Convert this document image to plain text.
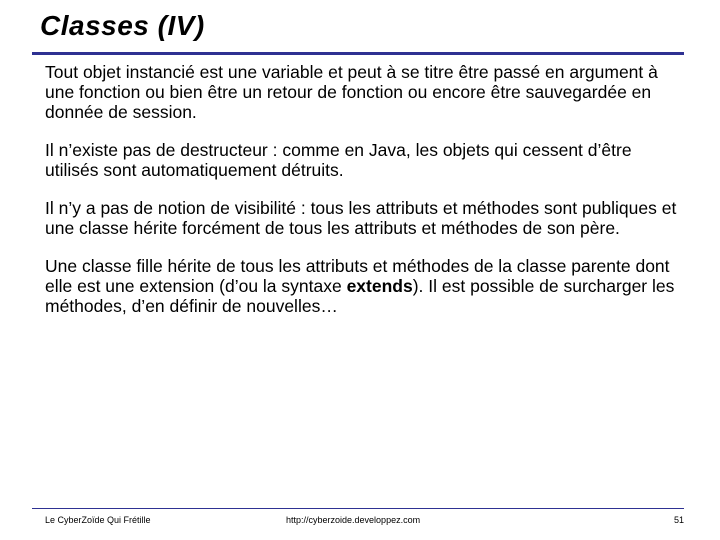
Classes (IV)

Tout objet instancié est une variable et peut à se titre être passé en argument à une fonction ou bien être un retour de fonction ou encore être sauvegardée en donnée de session.

Il n’existe pas de destructeur : comme en Java, les objets qui cessent d’être utilisés sont automatiquement détruits.

Il n’y a pas de notion de visibilité : tous les attributs et méthodes sont publiques et une classe hérite forcément de tous les attributs et méthodes de son père.

Une classe fille hérite de tous les attributs et méthodes de la classe parente dont elle est une extension (d’ou la syntaxe extends). Il est possible de surcharger les méthodes, d’en définir de nouvelles…

Le CyberZoïde Qui Frétille	http://cyberzoide.developpez.com	51
